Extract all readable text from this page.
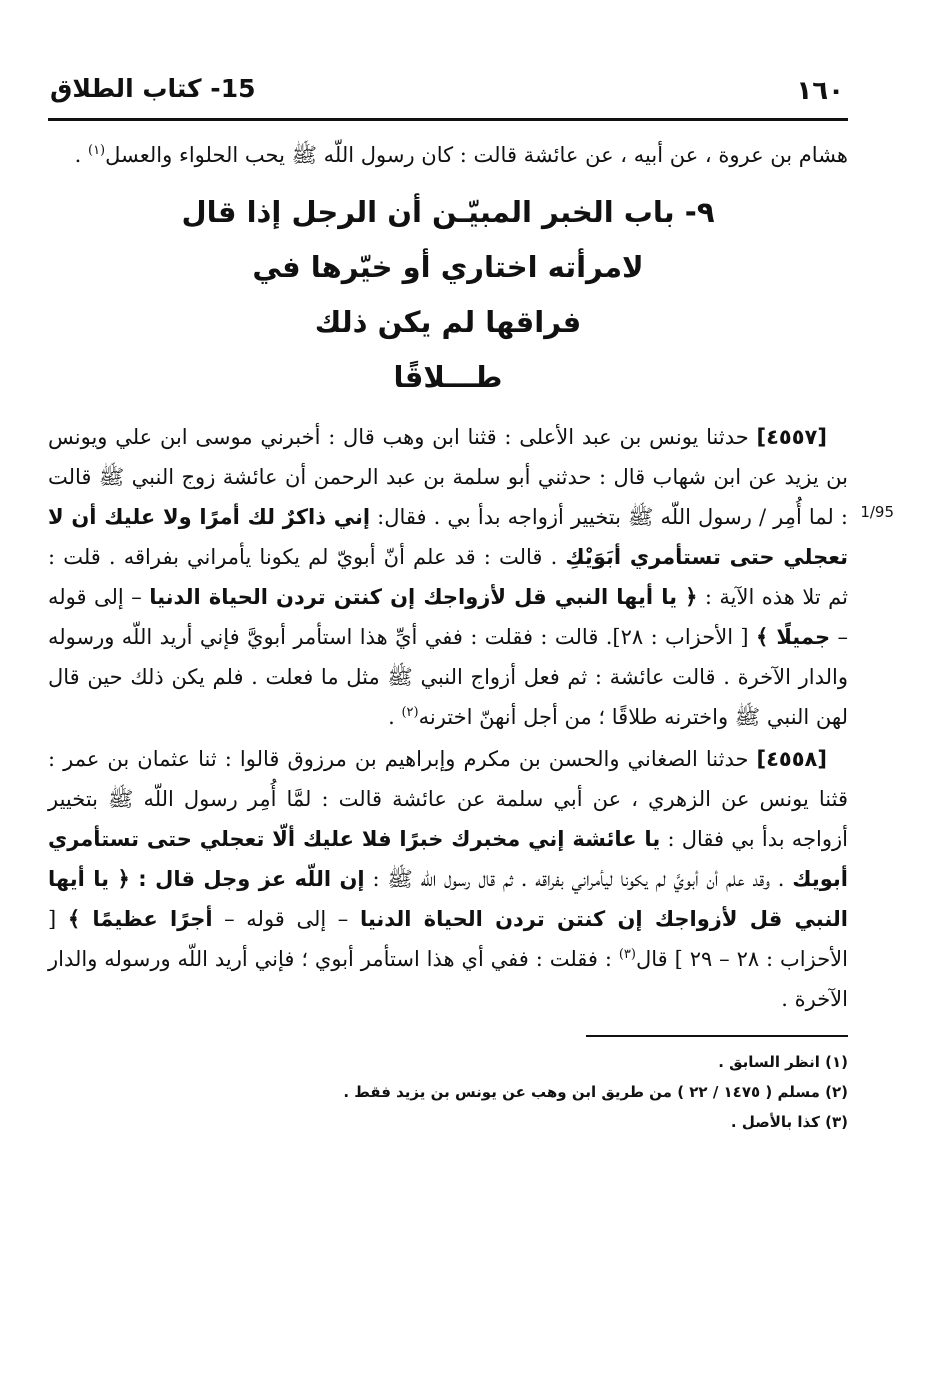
١٦٠
15- كتاب الطلاق

هشام بن عروة ، عن أبيه ، عن عائشة قالت : كان رسول اللّه ﷺ يحب الحلواء والعسل$^{(١)}$ .

٩- باب الخبر المبيّـن أن الرجل إذا قال
لامرأته اختاري أو خيّرها في
فراقها لم يكن ذلك
طـــلاقًا
1/95

 [٤٥٥٧] حدثنا يونس بن عبد الأعلى : قثنا ابن وهب قال : أخبرني موسى ابن علي ويونس بن يزيد عن ابن شهاب قال : حدثني أبو سلمة بن عبد الرحمن أن عائشة زوج النبي ﷺ قالت : لما أُمِر / رسول اللّه ﷺ بتخيير أزواجه بدأ بي . فقال: إني ذاكرٌ لك أمرًا ولا عليك أن لا تعجلي حتى تستأمري أبَوَيْكِ . قالت : قد علم أنّ أبويّ لم يكونا يأمراني بفراقه . قلت : ثم تلا هذه الآية : ﴿ يا أيها النبي قل لأزواجك إن كنتن تردن الحياة الدنيا – إلى قوله – جميلًا ﴾ [ الأحزاب : ٢٨]. قالت : فقلت : ففي أيِّ هذا استأمر أبويَّ فإني أريد اللّه ورسوله والدار الآخرة . قالت عائشة : ثم فعل أزواج النبي ﷺ مثل ما فعلت . فلم يكن ذلك حين قال لهن النبي ﷺ واخترنه طلاقًا ؛ من أجل أنهنّ اخترنه$^{(٢)}$ .

 [٤٥٥٨] حدثنا الصغاني والحسن بن مكرم وإبراهيم بن مرزوق قالوا : ثنا عثمان بن عمر : قثنا يونس عن الزهري ، عن أبي سلمة عن عائشة قالت : لمَّا أُمِر رسول اللّه ﷺ بتخيير أزواجه بدأ بي فقال : يا عائشة إني مخبرك خبرًا فلا عليك ألّا تعجلي حتى تستأمري أبويك . وقد علم أن أبويَّ لم يكونا ليأمراني بفراقه . ثم قال رسول اللّه ﷺ : إن اللّه عز وجل قال : ﴿ يا أيها النبي قل لأزواجك إن كنتن تردن الحياة الدنيا – إلى قوله – أجرًا عظيمًا ﴾ [ الأحزاب : ٢٨ – ٢٩ ] قال$^{(٣)}$ : فقلت : ففي أي هذا استأمر أبوي ؛ فإني أريد اللّه ورسوله والدار الآخرة .

(١) انظر السابق .
(٢) مسلم ( ١٤٧٥ / ٢٢ ) من طريق ابن وهب عن يونس بن يزيد فقط .
(٣) كذا بالأصل .
